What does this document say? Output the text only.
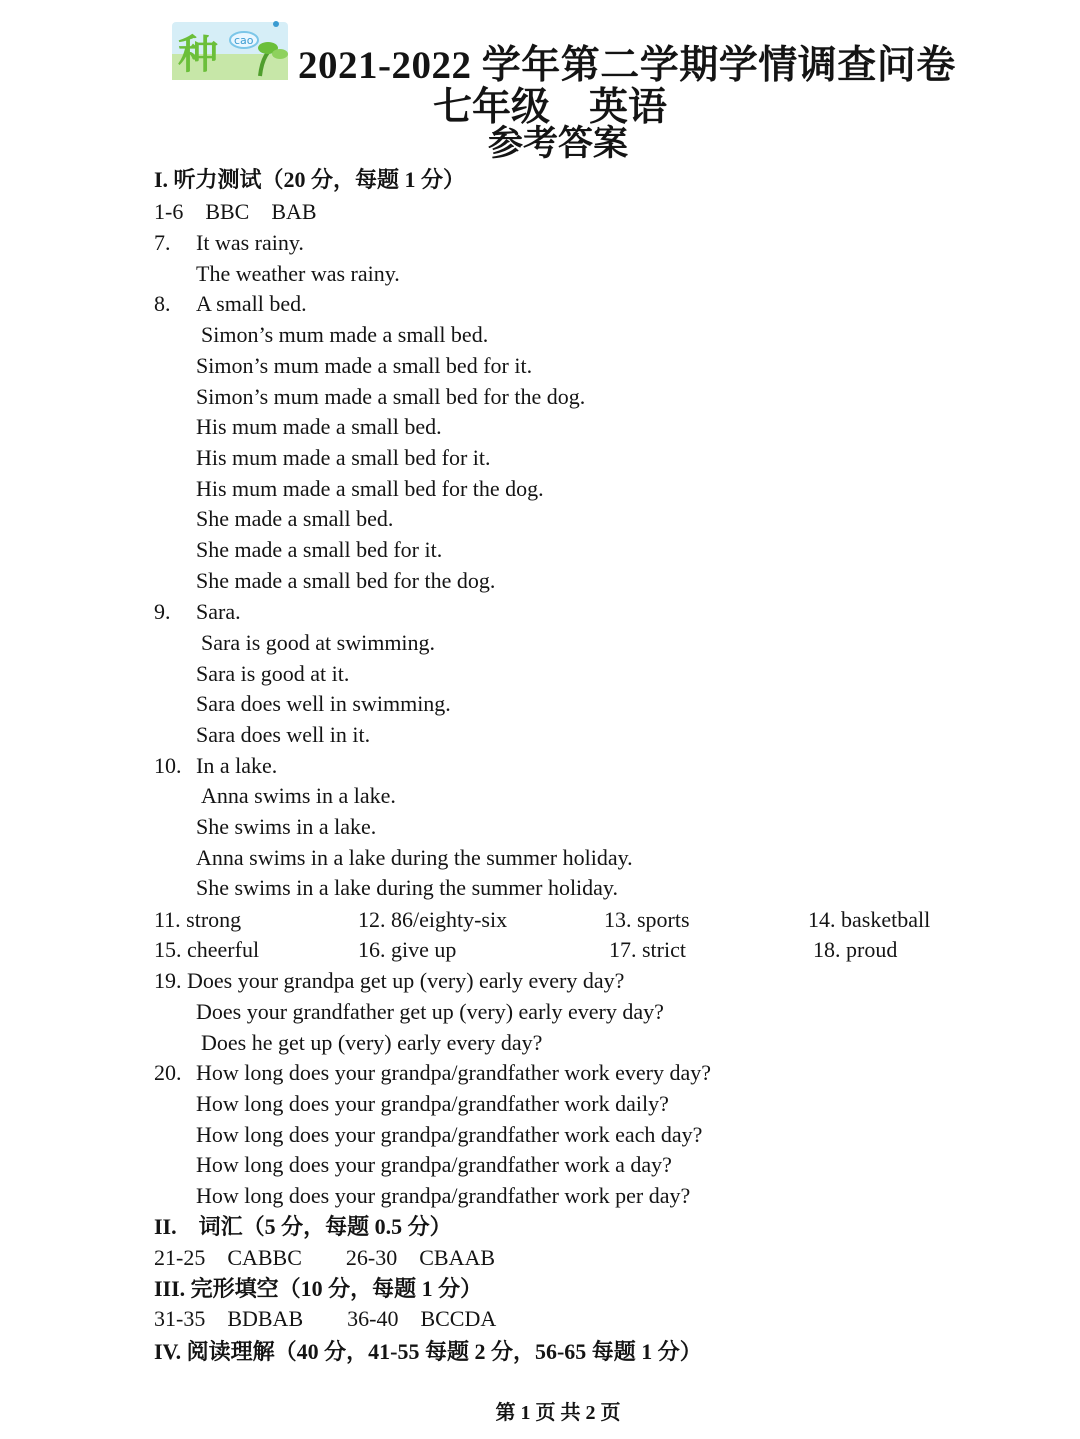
种 cao
2021-2022 学年第二学期学情调查问卷
七年级　英语
参考答案
I. 听力测试（20 分，每题 1 分）
1-6　BBC　BAB
7. It was rainy.
The weather was rainy.
8. A small bed.
Simon’s mum made a small bed.
Simon’s mum made a small bed for it.
Simon’s mum made a small bed for the dog.
His mum made a small bed.
His mum made a small bed for it.
His mum made a small bed for the dog.
She made a small bed.
She made a small bed for it.
She made a small bed for the dog.
9. Sara.
Sara is good at swimming.
Sara is good at it.
Sara does well in swimming.
Sara does well in it.
10. In a lake.
Anna swims in a lake.
She swims in a lake.
Anna swims in a lake during the summer holiday.
She swims in a lake during the summer holiday.
11. strong	12. 86/eighty-six	13. sports	14. basketball
15. cheerful	16. give up	17. strict	18. proud
19. Does your grandpa get up (very) early every day?
Does your grandfather get up (very) early every day?
Does he get up (very) early every day?
20. How long does your grandpa/grandfather work every day?
How long does your grandpa/grandfather work daily?
How long does your grandpa/grandfather work each day?
How long does your grandpa/grandfather work a day?
How long does your grandpa/grandfather work per day?
II.　词汇（5 分，每题 0.5 分）
21-25　CABBC　　26-30　CBAAB
III. 完形填空（10 分，每题 1 分）
31-35　BDBAB　　36-40　BCCDA
IV. 阅读理解（40 分，41-55 每题 2 分，56-65 每题 1 分）
第 1 页 共 2 页
